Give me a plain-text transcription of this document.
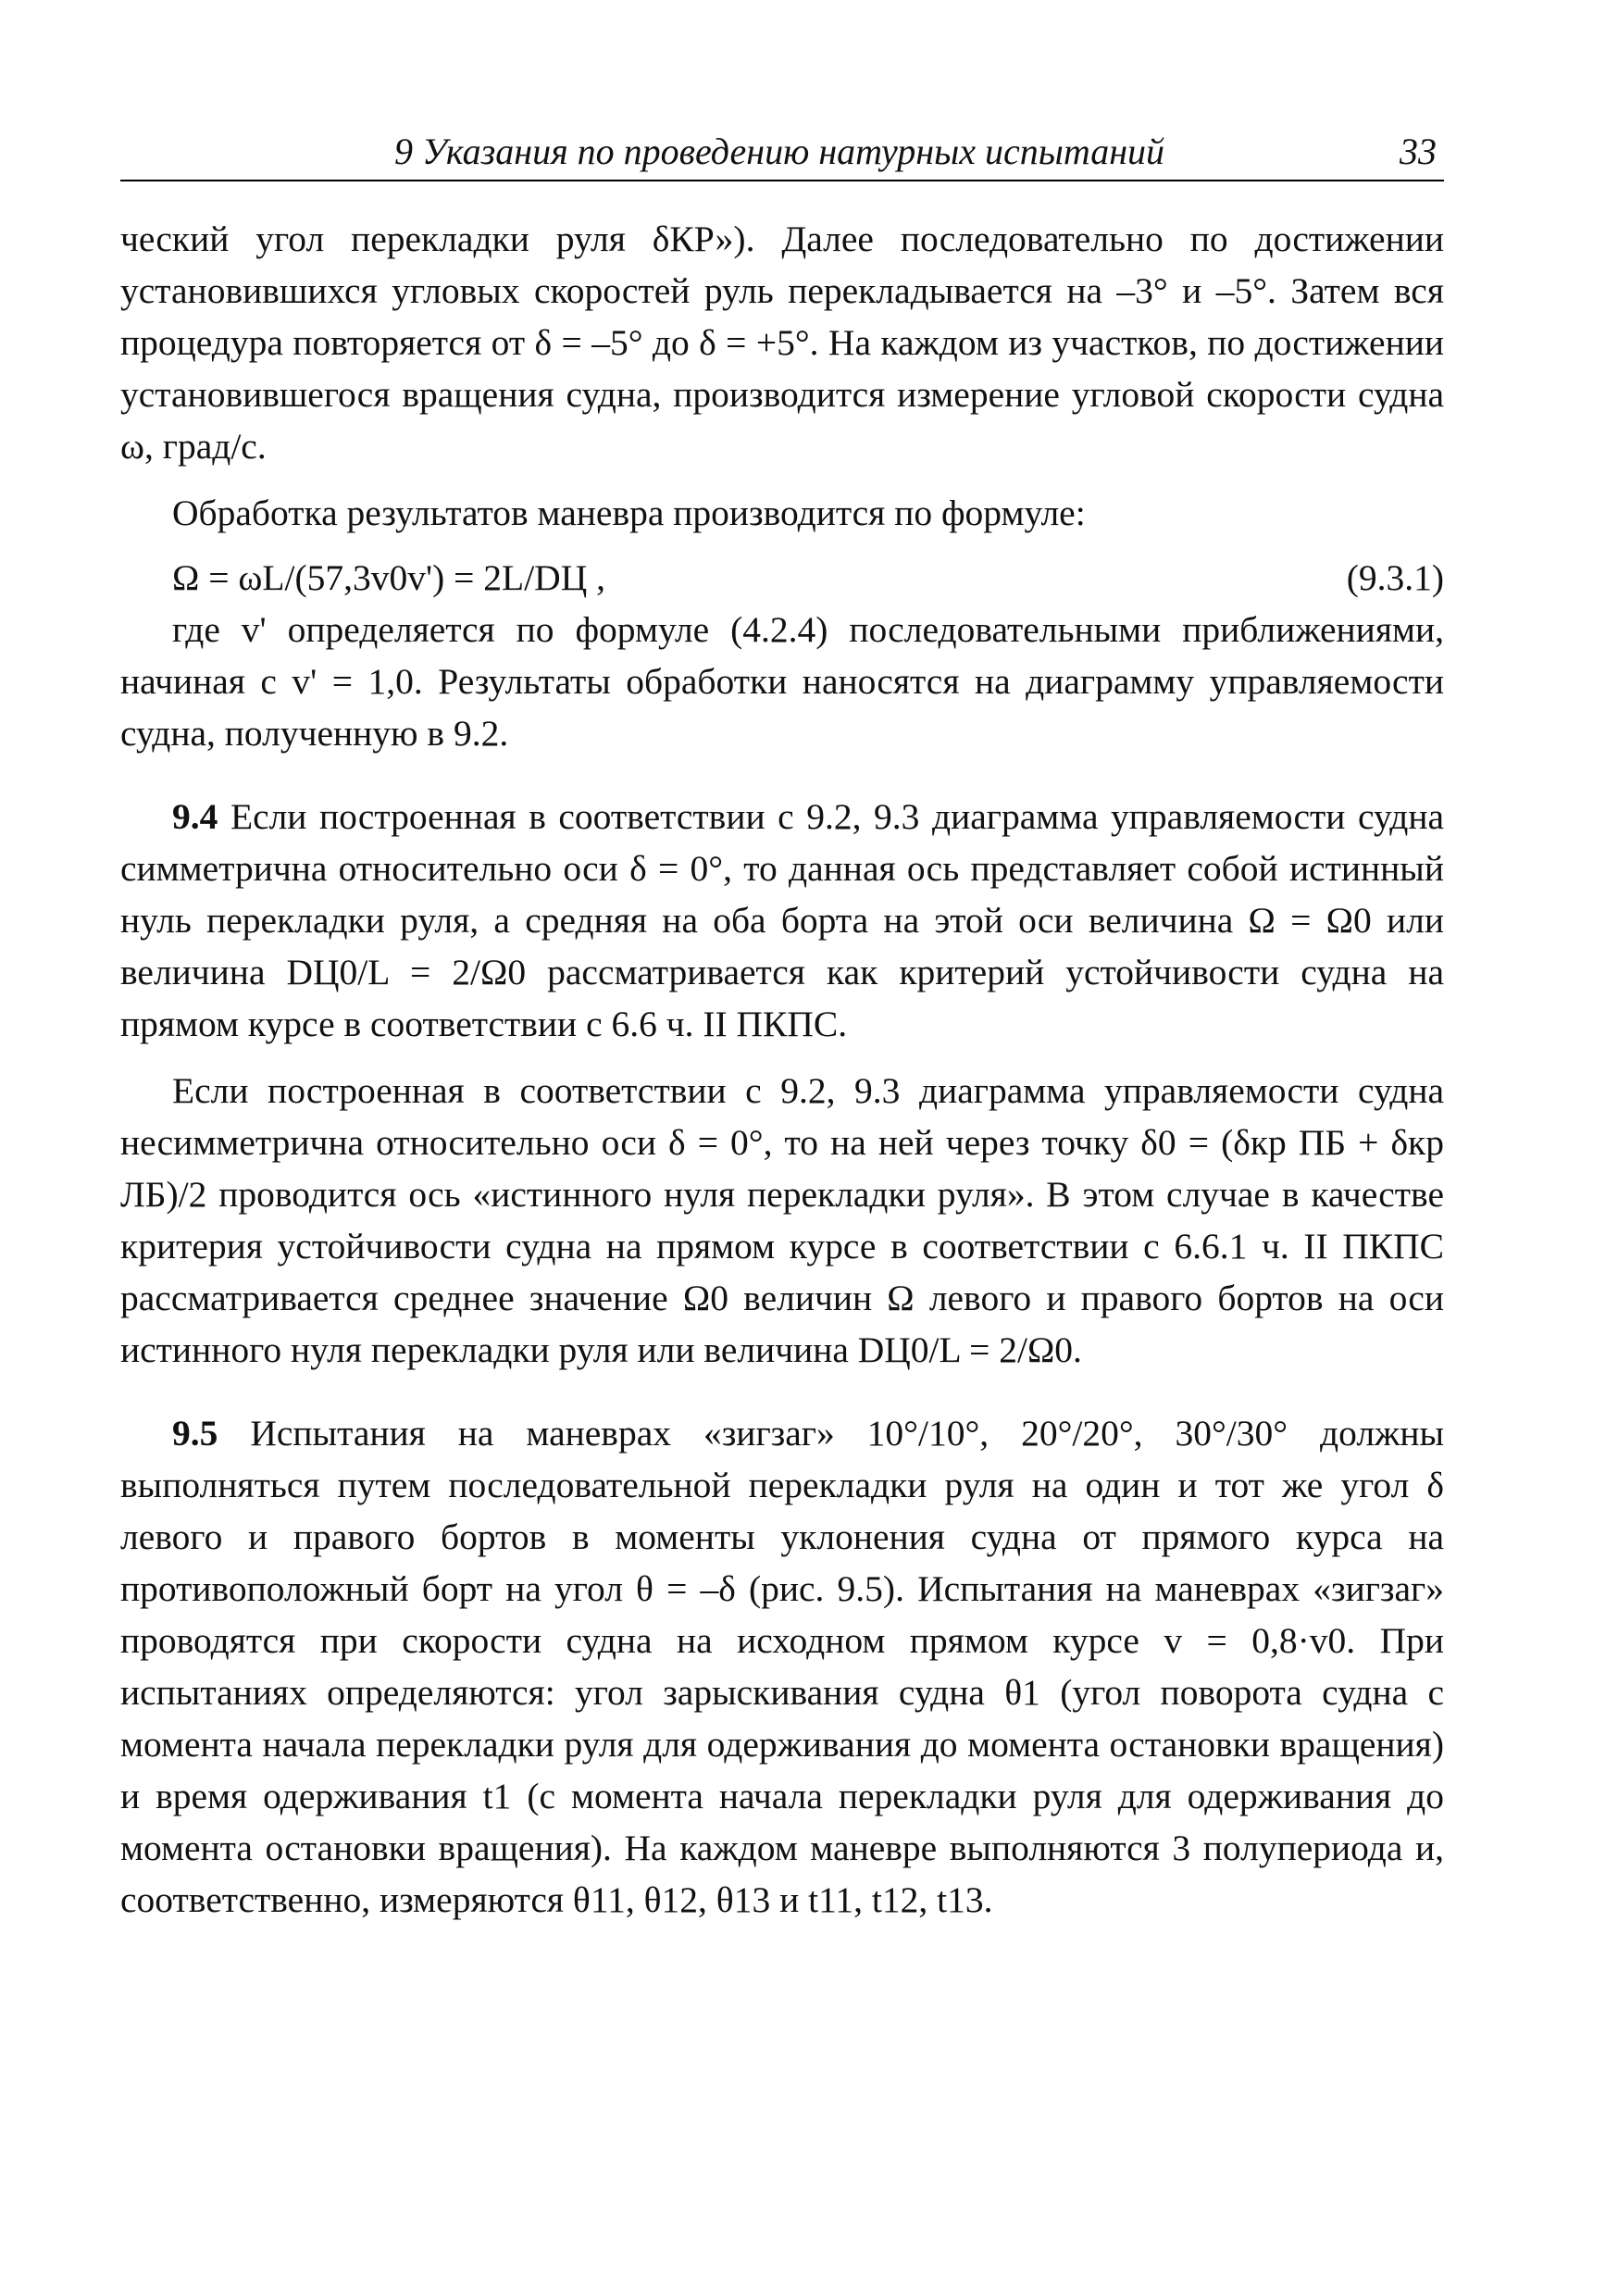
9 Указания по проведению натурных испытаний	33

ческий угол перекладки руля δКР»). Далее последовательно по достижении установившихся угловых скоростей руль перекладывается на –3° и –5°. Затем вся процедура повторяется от δ = –5° до δ = +5°. На каждом из участков, по достижении установившегося вращения судна, производится измерение угловой скорости судна ω, град/с.

Обработка результатов маневра производится по формуле:

Ω = ωL/(57,3v0v') = 2L/DЦ ,	(9.3.1)

где v' определяется по формуле (4.2.4) последовательными приближениями, начиная с v' = 1,0. Результаты обработки наносятся на диаграмму управляемости судна, полученную в 9.2.

9.4 Если построенная в соответствии с 9.2, 9.3 диаграмма управляемости судна симметрична относительно оси δ = 0°, то данная ось представляет собой истинный нуль перекладки руля, а средняя на оба борта на этой оси величина Ω = Ω0 или величина DЦ0/L = 2/Ω0 рассматривается как критерий устойчивости судна на прямом курсе в соответствии с 6.6 ч. II ПКПС.

Если построенная в соответствии с 9.2, 9.3 диаграмма управляемости судна несимметрична относительно оси δ = 0°, то на ней через точку δ0 = (δкр ПБ + δкр ЛБ)/2 проводится ось «истинного нуля перекладки руля». В этом случае в качестве критерия устойчивости судна на прямом курсе в соответствии с 6.6.1 ч. II ПКПС рассматривается среднее значение Ω0 величин Ω левого и правого бортов на оси истинного нуля перекладки руля или величина DЦ0/L = 2/Ω0.

9.5 Испытания на маневрах «зигзаг» 10°/10°, 20°/20°, 30°/30° должны выполняться путем последовательной перекладки руля на один и тот же угол δ левого и правого бортов в моменты уклонения судна от прямого курса на противоположный борт на угол θ = –δ (рис. 9.5). Испытания на маневрах «зигзаг» проводятся при скорости судна на исходном прямом курсе v = 0,8·v0. При испытаниях определяются: угол зарыскивания судна θ1 (угол поворота судна с момента начала перекладки руля для одерживания до момента остановки вращения) и время одерживания t1 (с момента начала перекладки руля для одерживания до момента остановки вращения). На каждом маневре выполняются 3 полупериода и, соответственно, измеряются θ11, θ12, θ13 и t11, t12, t13.
